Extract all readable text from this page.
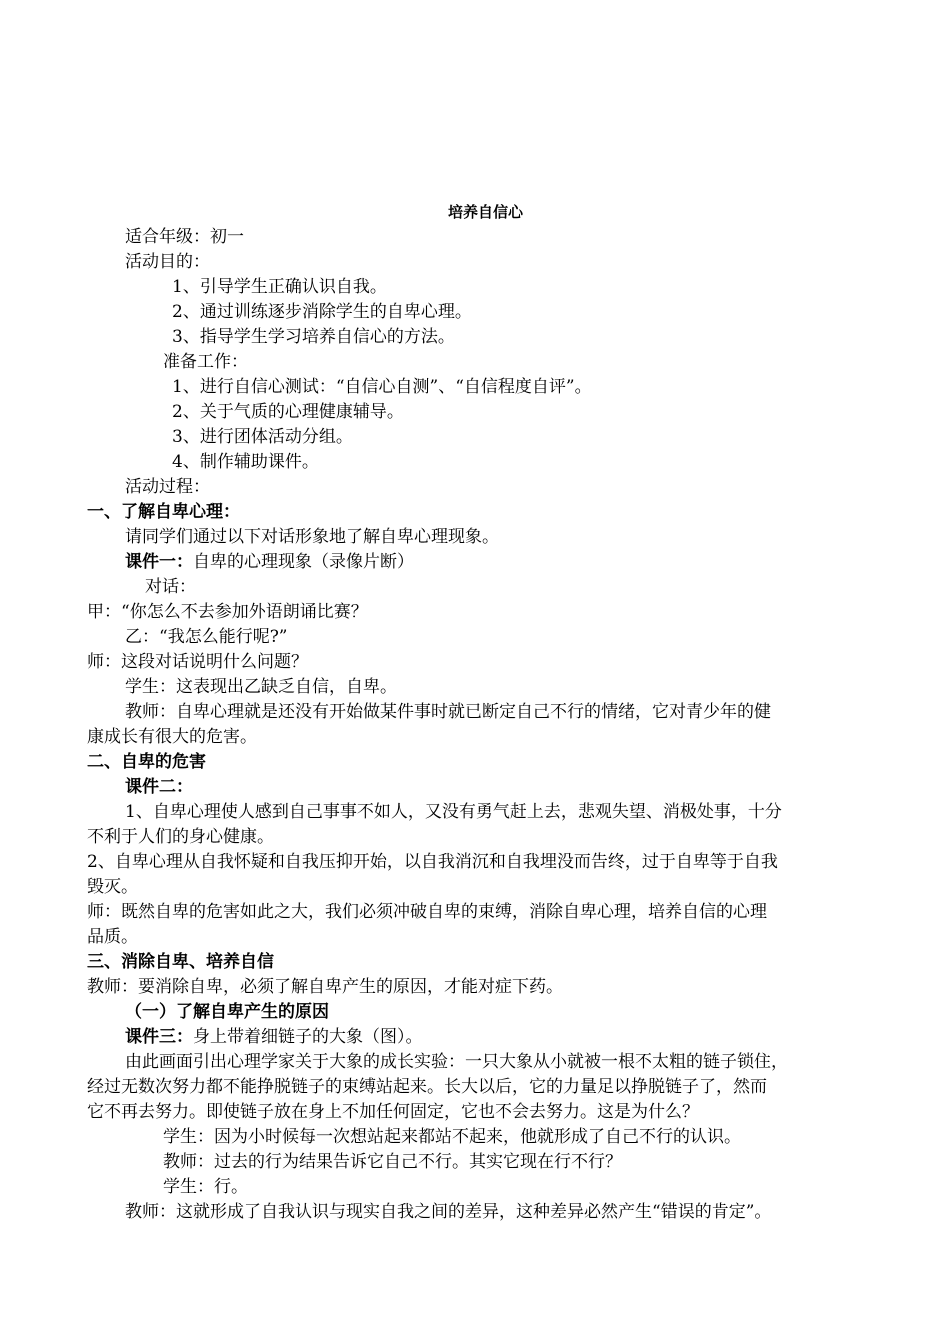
培养自信心
适合年级：初一
活动目的：
1、引导学生正确认识自我。
2、通过训练逐步消除学生的自卑心理。
3、指导学生学习培养自信心的方法。
准备工作：
1、进行自信心测试：“自信心自测”、“自信程度自评”。
2、关于气质的心理健康辅导。
3、进行团体活动分组。
4、制作辅助课件。
活动过程：
一、了解自卑心理：
请同学们通过以下对话形象地了解自卑心理现象。
课件一：自卑的心理现象（录像片断）
对话：
甲：“你怎么不去参加外语朗诵比赛？
乙：“我怎么能行呢?”
师：这段对话说明什么问题？
学生：这表现出乙缺乏自信，自卑。
教师：自卑心理就是还没有开始做某件事时就已断定自己不行的情绪，它对青少年的健
康成长有很大的危害。
二、自卑的危害
课件二：
1、自卑心理使人感到自己事事不如人，又没有勇气赶上去，悲观失望、消极处事，十分
不利于人们的身心健康。
2、自卑心理从自我怀疑和自我压抑开始，以自我消沉和自我埋没而告终，过于自卑等于自我
毁灭。
师：既然自卑的危害如此之大，我们必须冲破自卑的束缚，消除自卑心理，培养自信的心理
品质。
三、消除自卑、培养自信
教师：要消除自卑，必须了解自卑产生的原因，才能对症下药。
（一）了解自卑产生的原因
课件三：身上带着细链子的大象（图）。
由此画面引出心理学家关于大象的成长实验：一只大象从小就被一根不太粗的链子锁住，
经过无数次努力都不能挣脱链子的束缚站起来。长大以后，它的力量足以挣脱链子了，然而
它不再去努力。即使链子放在身上不加任何固定，它也不会去努力。这是为什么？
学生：因为小时候每一次想站起来都站不起来，他就形成了自己不行的认识。
教师：过去的行为结果告诉它自己不行。其实它现在行不行？
学生：行。
教师：这就形成了自我认识与现实自我之间的差异，这种差异必然产生“错误的肯定”。
